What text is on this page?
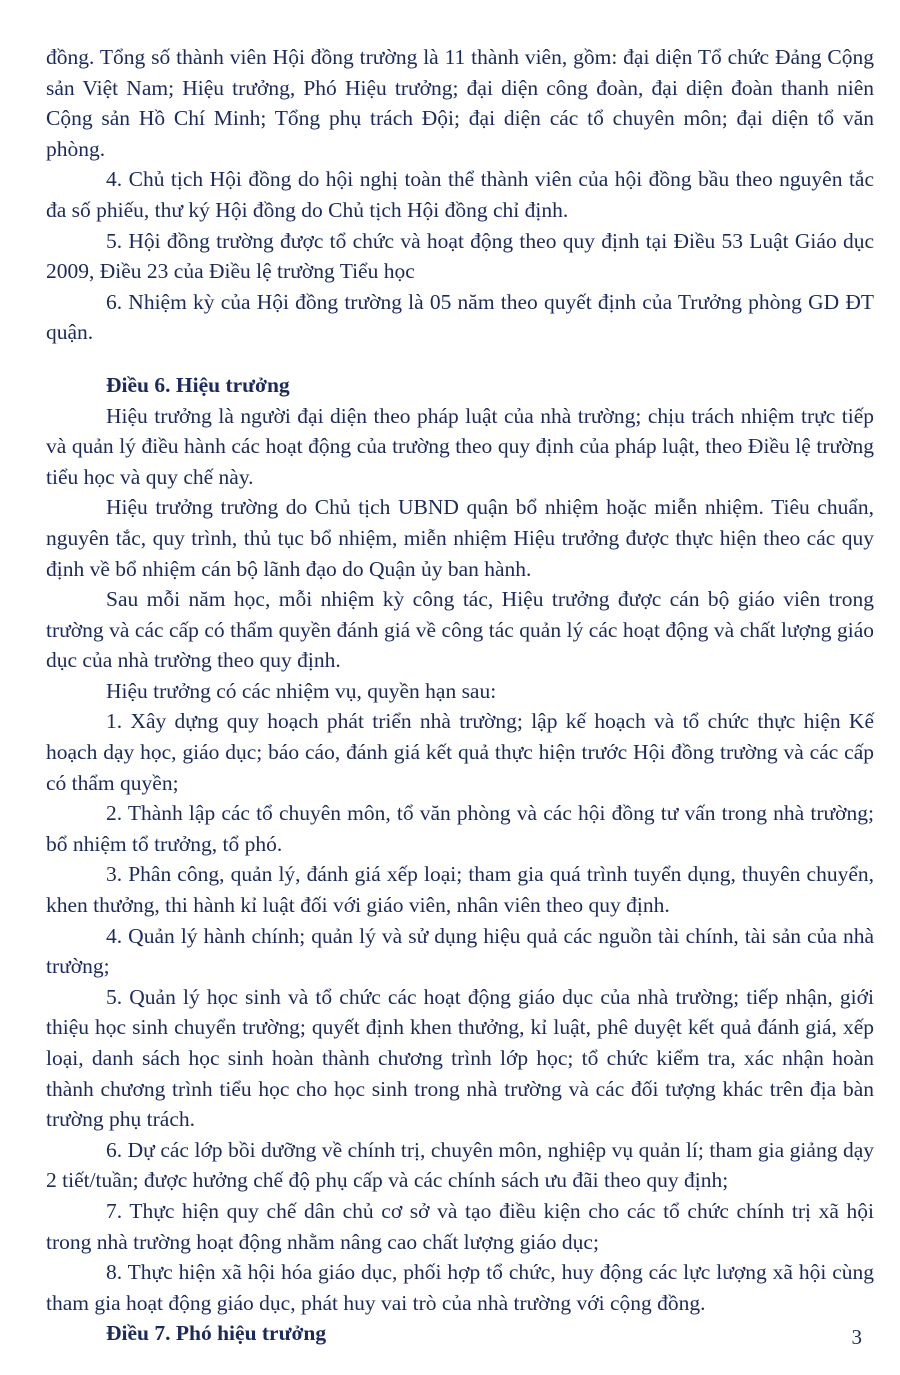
đồng. Tổng số thành viên Hội đồng trường là 11 thành viên, gồm: đại diện Tổ chức Đảng Cộng sản Việt Nam; Hiệu trưởng, Phó Hiệu trưởng; đại diện công đoàn, đại diện đoàn thanh niên Cộng sản Hồ Chí Minh; Tổng phụ trách Đội; đại diện các tổ chuyên môn; đại diện tổ văn phòng.

4. Chủ tịch Hội đồng do hội nghị toàn thể thành viên của hội đồng bầu theo nguyên tắc đa số phiếu, thư ký Hội đồng do Chủ tịch Hội đồng chỉ định.

5. Hội đồng trường được tổ chức và hoạt động theo quy định tại Điều 53 Luật Giáo dục 2009, Điều 23 của Điều lệ trường Tiểu học

6. Nhiệm kỳ của Hội đồng trường là 05 năm theo quyết định của Trưởng phòng GD ĐT quận.

Điều 6. Hiệu trưởng

Hiệu trưởng là người đại diện theo pháp luật của nhà trường; chịu trách nhiệm trực tiếp và quản lý điều hành các hoạt động của trường theo quy định của pháp luật, theo Điều lệ trường tiểu học và quy chế này.

Hiệu trưởng trường do Chủ tịch UBND quận bổ nhiệm hoặc miễn nhiệm. Tiêu chuẩn, nguyên tắc, quy trình, thủ tục bổ nhiệm, miễn nhiệm Hiệu trưởng được thực hiện theo các quy định về bổ nhiệm cán bộ lãnh đạo do Quận ủy ban hành.

Sau mỗi năm học, mỗi nhiệm kỳ công tác, Hiệu trưởng được cán bộ giáo viên trong trường và các cấp có thẩm quyền đánh giá về công tác quản lý các hoạt động và chất lượng giáo dục của nhà trường theo quy định.

Hiệu trưởng có các nhiệm vụ, quyền hạn sau:

1. Xây dựng quy hoạch phát triển nhà trường; lập kế hoạch và tổ chức thực hiện Kế hoạch dạy học, giáo dục; báo cáo, đánh giá kết quả thực hiện trước Hội đồng trường và các cấp có thẩm quyền;

2. Thành lập các tổ chuyên môn, tổ văn phòng và các hội đồng tư vấn trong nhà trường; bổ nhiệm tổ trưởng, tổ phó.

3. Phân công, quản lý, đánh giá xếp loại; tham gia quá trình tuyển dụng, thuyên chuyển, khen thưởng, thi hành kỉ luật đối với giáo viên, nhân viên theo quy định.

4. Quản lý hành chính; quản lý và sử dụng hiệu quả các nguồn tài chính, tài sản của nhà trường;

5. Quản lý học sinh và tổ chức các hoạt động giáo dục của nhà trường; tiếp nhận, giới thiệu học sinh chuyển trường; quyết định khen thưởng, kỉ luật, phê duyệt kết quả đánh giá, xếp loại, danh sách học sinh hoàn thành chương trình lớp học; tổ chức kiểm tra, xác nhận hoàn thành chương trình tiểu học cho học sinh trong nhà trường và các đối tượng khác trên địa bàn trường phụ trách.

6. Dự các lớp bồi dưỡng về chính trị, chuyên môn, nghiệp vụ quản lí; tham gia giảng dạy 2 tiết/tuần; được hưởng chế độ phụ cấp và các chính sách ưu đãi theo quy định;

7. Thực hiện quy chế dân chủ cơ sở và tạo điều kiện cho các tổ chức chính trị xã hội trong nhà trường hoạt động nhằm nâng cao chất lượng giáo dục;

8. Thực hiện xã hội hóa giáo dục, phối hợp tổ chức, huy động các lực lượng xã hội cùng tham gia hoạt động giáo dục, phát huy vai trò của nhà trường với cộng đồng.

Điều 7. Phó hiệu trưởng	3
